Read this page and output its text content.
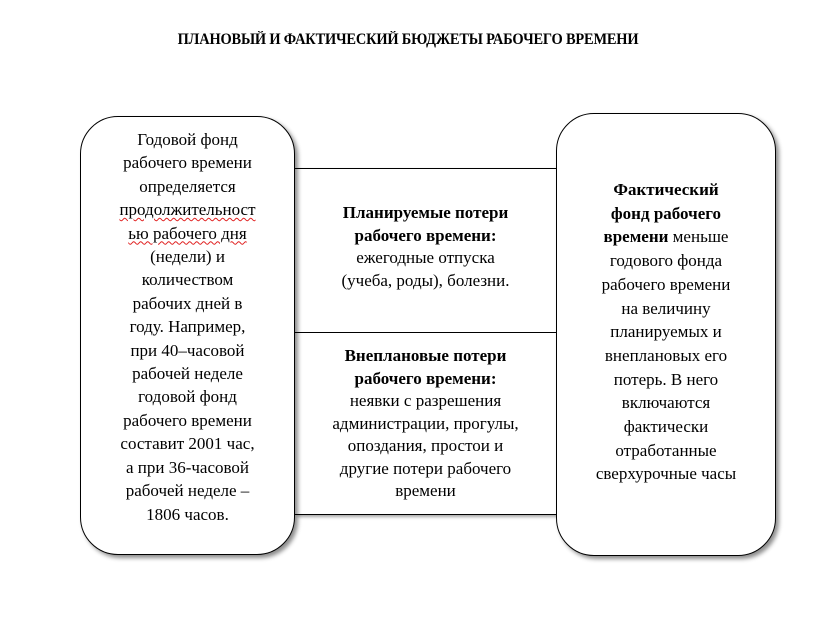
ПЛАНОВЫЙ И ФАКТИЧЕСКИЙ БЮДЖЕТЫ РАБОЧЕГО ВРЕМЕНИ
Годовой фонд
рабочего времени
определяется
продолжительност
ью рабочего дня
(недели) и
количеством
рабочих дней в
году. Например,
при 40–часовой
рабочей неделе
годовой фонд
рабочего времени
составит 2001 час,
а при 36-часовой
рабочей неделе –
1806 часов.
Планируемые потери
рабочего времени:
ежегодные отпуска
(учеба, роды), болезни.
Внеплановые потери
рабочего времени:
неявки с разрешения
администрации, прогулы,
опоздания, простои и
другие потери рабочего
времени
Фактический
фонд рабочего
времени меньше
годового фонда
рабочего времени
на величину
планируемых и
внеплановых его
потерь. В него
включаются
фактически
отработанные
сверхурочные часы
